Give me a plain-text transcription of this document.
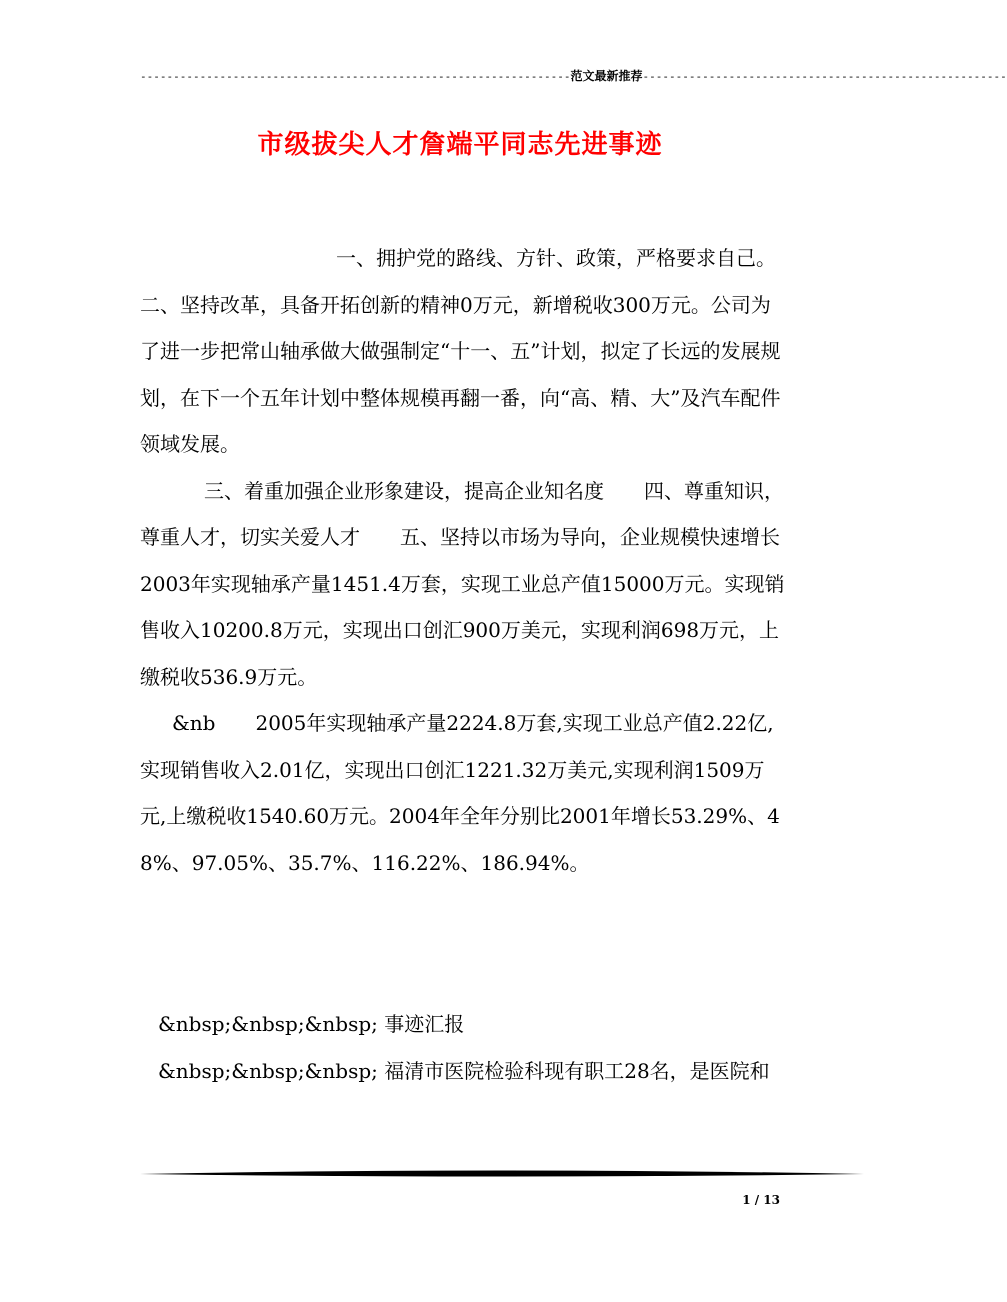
-----------------------------------------------------------------范文最新推荐-------------------------------------------------------
市级拔尖人才詹端平同志先进事迹

一、拥护党的路线、方针、政策，严格要求自己。二、坚持改革，具备开拓创新的精神0万元，新增税收300万元。公司为了进一步把常山轴承做大做强制定“十一、五”计划，拟定了长远的发展规划，在下一个五年计划中整体规模再翻一番，向“高、精、大”及汽车配件领域发展。

三、着重加强企业形象建设，提高企业知名度　　四、尊重知识，尊重人才，切实关爱人才　　五、坚持以市场为导向，企业规模快速增长　　2003年实现轴承产量1451.4万套，实现工业总产值15000万元。实现销售收入10200.8万元，实现出口创汇900万美元，实现利润698万元，上缴税收536.9万元。

&nb　　2005年实现轴承产量2224.8万套,实现工业总产值2.22亿,实现销售收入2.01亿，实现出口创汇1221.32万美元,实现利润1509万元,上缴税收1540.60万元。2004年全年分别比2001年增长53.29%、48%、97.05%、35.7%、116.22%、186.94%。

&nbsp;&nbsp;&nbsp; 事迹汇报

&nbsp;&nbsp;&nbsp; 福清市医院检验科现有职工28名，是医院和

1 / 13
